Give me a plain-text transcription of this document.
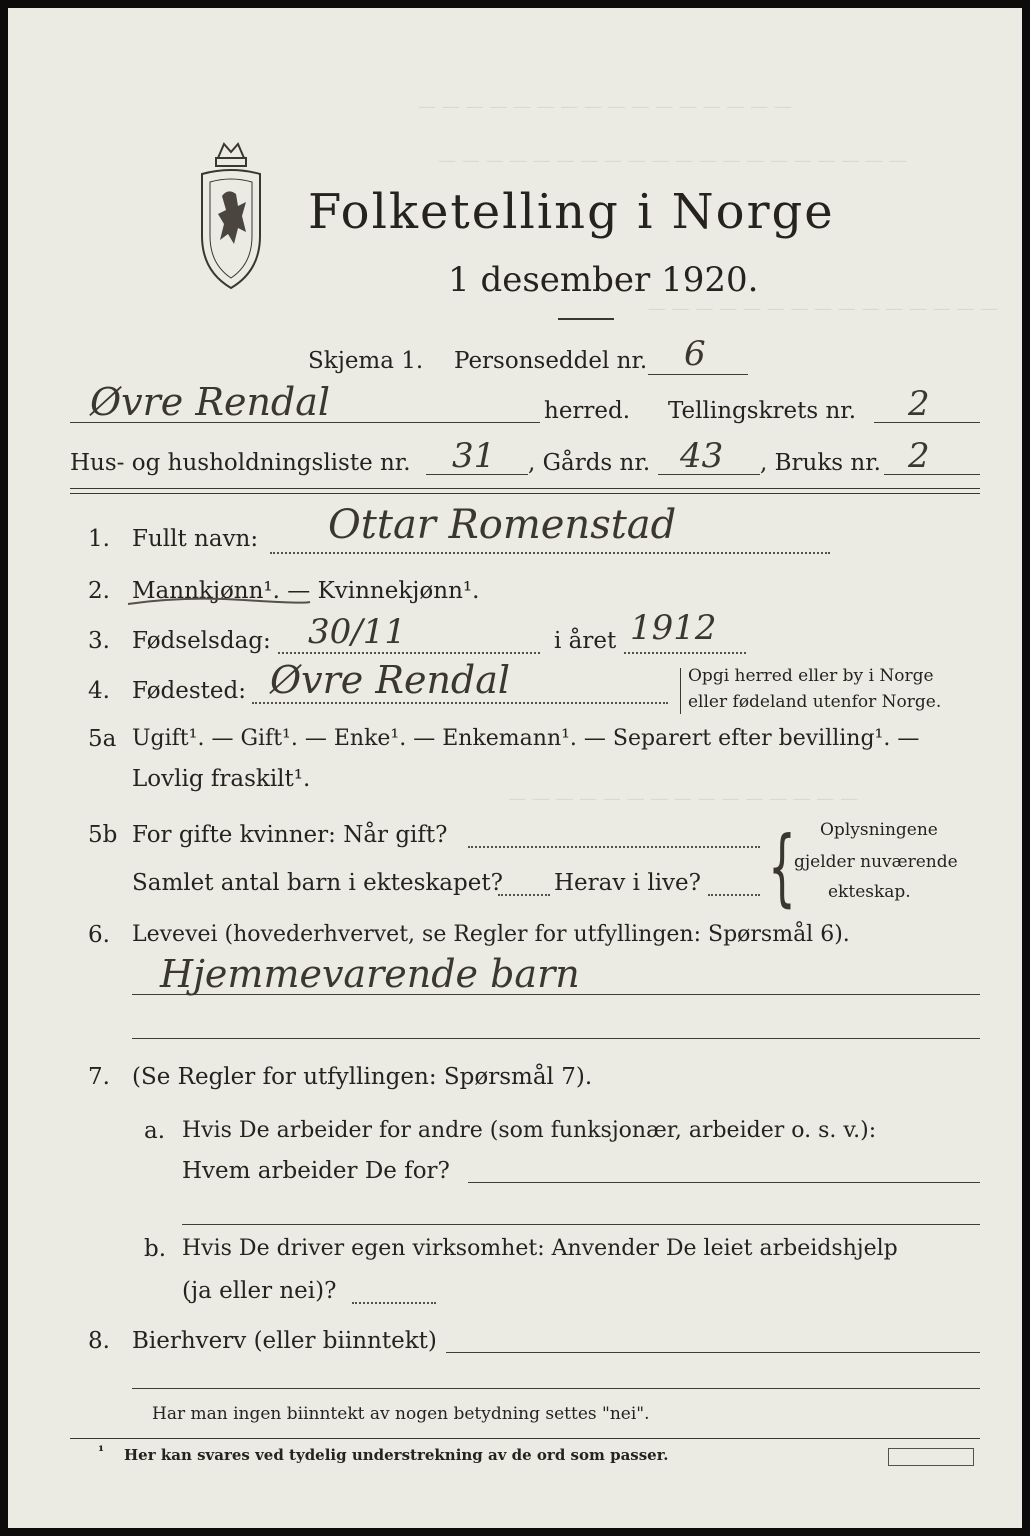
— — — — — — — — — — — — — — — —
— — — — — — — — — — — — — — — — — — — —
— — — — — — — — — — — — — — —
— — — — — — — — — — — — — — —
Folketelling i Norge
1 desember 1920.
Skjema 1. Personseddel nr. 6
Øvre Rendal	herred. Tellingskrets nr. 2
Hus- og husholdningsliste nr. 31 , Gårds nr. 43 , Bruks nr. 2
1. Fullt navn: Ottar Romenstad
2. Mannkjønn¹. — Kvinnekjønn¹.
3. Fødselsdag: 30/11	i året 1912
4. Fødested: Øvre Rendal	Opgi herred eller by i Norge
eller fødeland utenfor Norge.
5a Ugift¹. — Gift¹. — Enke¹. — Enkemann¹. — Separert efter bevilling¹. —
Lovlig fraskilt¹.
5b For gifte kvinner: Når gift?
Samlet antal barn i ekteskapet? Herav i live? { Oplysningene
gjelder nuværende
ekteskap.
6. Levevei (hovederhvervet, se Regler for utfyllingen: Spørsmål 6).
Hjemmevarende barn
7. (Se Regler for utfyllingen: Spørsmål 7).
a. Hvis De arbeider for andre (som funksjonær, arbeider o. s. v.):
Hvem arbeider De for?
b. Hvis De driver egen virksomhet: Anvender De leiet arbeidshjelp
(ja eller nei)?
8. Bierhverv (eller biinntekt)
Har man ingen biinntekt av nogen betydning settes "nei".
¹ Her kan svares ved tydelig understrekning av de ord som passer.
